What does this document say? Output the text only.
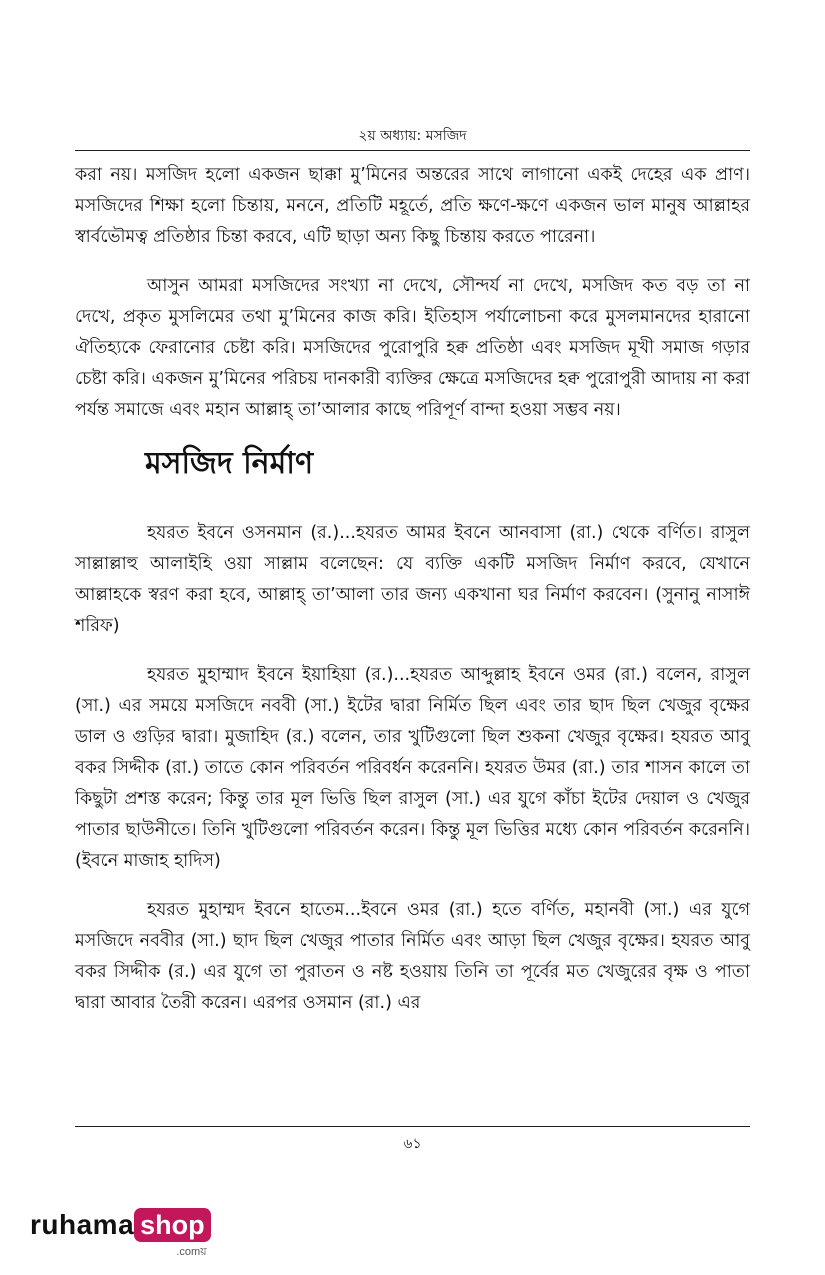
২য় অধ্যায়: মসজিদ

করা নয়। মসজিদ হলো একজন ছাক্কা মু’মিনের অন্তরের সাথে লাগানো একই দেহের এক প্রাণ। মসজিদের শিক্ষা হলো চিন্তায়, মননে, প্রতিটি মহূর্তে, প্রতি ক্ষণে-ক্ষণে একজন ভাল মানুষ আল্লাহর স্বার্বভৌমত্ব প্রতিষ্ঠার চিন্তা করবে, এটি ছাড়া অন্য কিছু চিন্তায় করতে পারেনা।

আসুন আমরা মসজিদের সংখ্যা না দেখে, সৌন্দর্য না দেখে, মসজিদ কত বড় তা না দেখে, প্রকৃত মুসলিমের তথা মু’মিনের কাজ করি। ইতিহাস পর্যালোচনা করে মুসলমানদের হারানো ঐতিহ্যকে ফেরানোর চেষ্টা করি। মসজিদের পুরোপুরি হক্ব প্রতিষ্ঠা এবং মসজিদ মূখী সমাজ গড়ার চেষ্টা করি। একজন মু’মিনের পরিচয় দানকারী ব্যক্তির ক্ষেত্রে মসজিদের হক্ব পুরোপুরী আদায় না করা পর্যন্ত সমাজে এবং মহান আল্লাহ্ তা’আলার কাছে পরিপূর্ণ বান্দা হওয়া সম্ভব নয়।

মসজিদ নির্মাণ

হযরত ইবনে ওসনমান (র.)...হযরত আমর ইবনে আনবাসা (রা.) থেকে বর্ণিত। রাসুল সাল্লাল্লাহু আলাইহি ওয়া সাল্লাম বলেছেন: যে ব্যক্তি একটি মসজিদ নির্মাণ করবে, যেখানে আল্লাহকে স্বরণ করা হবে, আল্লাহ্ তা’আলা তার জন্য একখানা ঘর নির্মাণ করবেন। (সুনানু নাসাঈ শরিফ)

হযরত মুহাম্মাদ ইবনে ইয়াহিয়া (র.)...হযরত আব্দুল্লাহ ইবনে ওমর (রা.) বলেন, রাসুল (সা.) এর সময়ে মসজিদে নববী (সা.) ইটের দ্বারা নির্মিত ছিল এবং তার ছাদ ছিল খেজুর বৃক্ষের ডাল ও গুড়ির দ্বারা। মুজাহিদ (র.) বলেন, তার খুটিগুলো ছিল শুকনা খেজুর বৃক্ষের। হযরত আবু বকর সিদ্দীক (রা.) তাতে কোন পরিবর্তন পরিবর্ধন করেননি। হযরত উমর (রা.) তার শাসন কালে তা কিছুটা প্রশস্ত করেন; কিন্তু তার মূল ভিত্তি ছিল রাসুল (সা.) এর যুগে কাঁচা ইটের দেয়াল ও খেজুর পাতার ছাউনীতে। তিনি খুটিগুলো পরিবর্তন করেন। কিন্তু মূল ভিত্তির মধ্যে কোন পরিবর্তন করেননি। (ইবনে মাজাহ হাদিস)

হযরত মুহাম্মদ ইবনে হাতেম...ইবনে ওমর (রা.) হতে বর্ণিত, মহানবী (সা.) এর যুগে মসজিদে নববীর (সা.) ছাদ ছিল খেজুর পাতার নির্মিত এবং আড়া ছিল খেজুর বৃক্ষের। হযরত আবু বকর সিদ্দীক (র.) এর যুগে তা পুরাতন ও নষ্ট হওয়ায় তিনি তা পূর্বের মত খেজুরের বৃক্ষ ও পাতা দ্বারা আবার তৈরী করেন। এরপর ওসমান (রা.) এর

৬১
ruhama shop
.comয়
